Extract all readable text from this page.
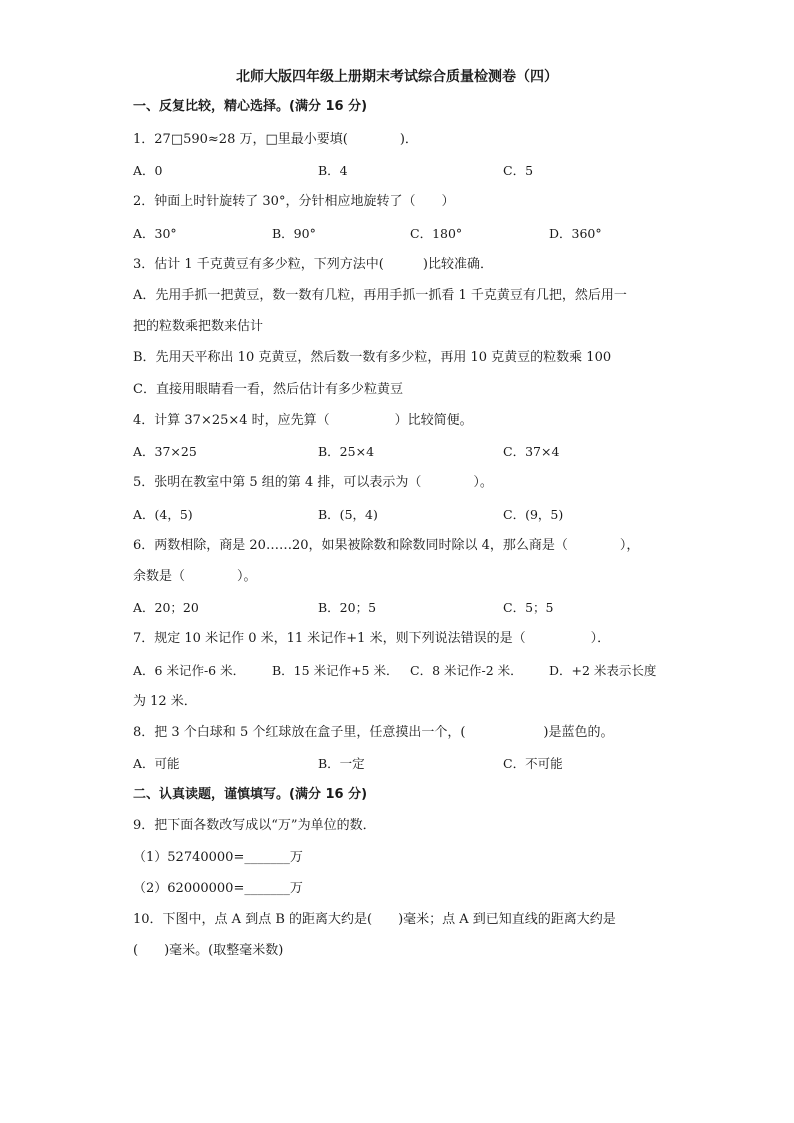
北师大版四年级上册期末考试综合质量检测卷（四）
一、反复比较，精心选择。(满分 16 分)
1．27□590≈28 万，□里最小要填(　　　　)．
A．0	B．4	C．5
2．钟面上时针旋转了 30°，分针相应地旋转了（　　）
A．30°	B．90°	C．180°	D．360°
3．估计 1 千克黄豆有多少粒，下列方法中(　　　)比较准确．
A．先用手抓一把黄豆，数一数有几粒，再用手抓一抓看 1 千克黄豆有几把，然后用一
把的粒数乘把数来估计
B．先用天平称出 10 克黄豆，然后数一数有多少粒，再用 10 克黄豆的粒数乘 100
C．直接用眼睛看一看，然后估计有多少粒黄豆
4．计算 37×25×4 时，应先算（　　　　　）比较简便。
A．37×25	B．25×4	C．37×4
5．张明在教室中第 5 组的第 4 排，可以表示为（　　　　）。
A．(4，5)	B．(5，4)	C．(9，5)
6．两数相除，商是 20……20，如果被除数和除数同时除以 4，那么商是（　　　　），
余数是（　　　　）。
A．20；20	B．20；5	C．5；5
7．规定 10 米记作 0 米，11 米记作+1 米，则下列说法错误的是（　　　　　）．
A．6 米记作-6 米． B．15 米记作+5 米． C．8 米记作-2 米． D．+2 米表示长度
为 12 米．
8．把 3 个白球和 5 个红球放在盒子里，任意摸出一个，(　　　　　　)是蓝色的。
A．可能	B．一定	C．不可能
二、认真读题，谨慎填写。(满分 16 分)
9．把下面各数改写成以“万”为单位的数．
（1）52740000=_______万
（2）62000000=_______万
10．下图中，点 A 到点 B 的距离大约是(　　)毫米；点 A 到已知直线的距离大约是
(　　)毫米。(取整毫米数)
